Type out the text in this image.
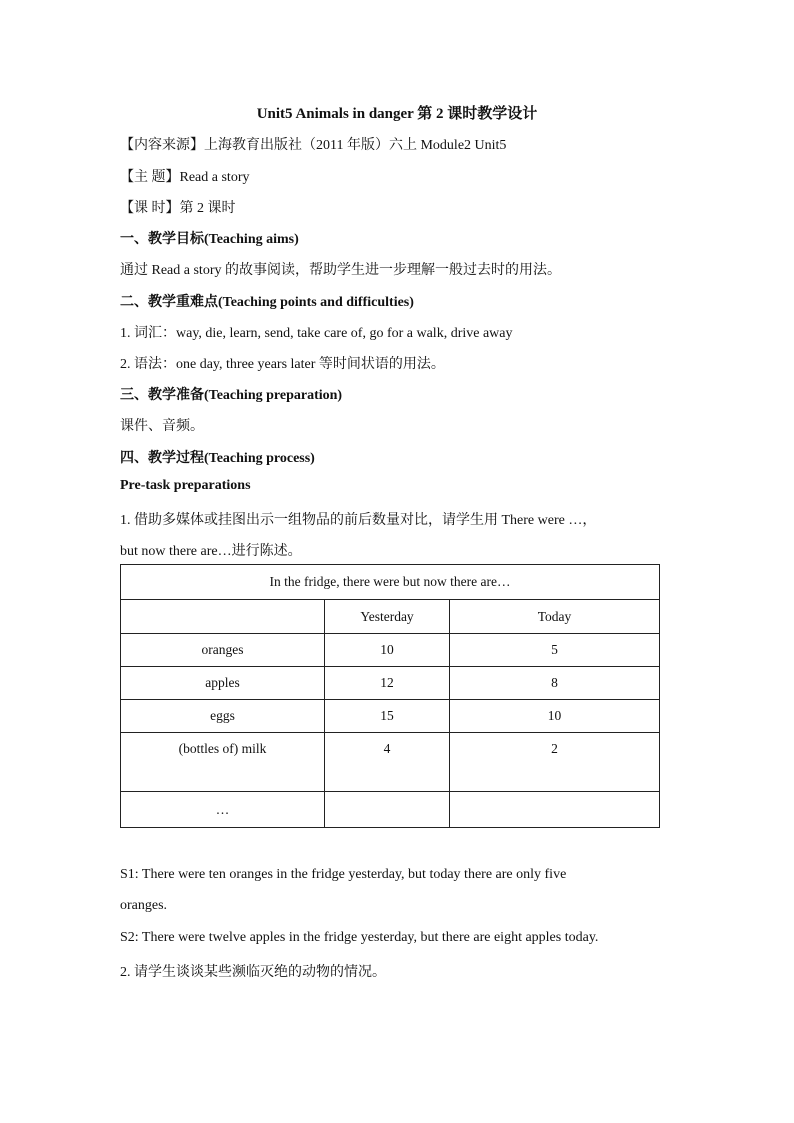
Unit5 Animals in danger 第 2 课时教学设计
【内容来源】上海教育出版社（2011 年版）六上 Module2 Unit5
【主 题】Read a story
【课 时】第 2 课时
一、教学目标(Teaching aims)
通过 Read a story 的故事阅读，帮助学生进一步理解一般过去时的用法。
二、教学重难点(Teaching points and difficulties)
1. 词汇：way, die, learn, send, take care of, go for a walk, drive away
2. 语法：one day, three years later 等时间状语的用法。
三、教学准备(Teaching preparation)
课件、音频。
四、教学过程(Teaching process)
Pre-task preparations
1. 借助多媒体或挂图出示一组物品的前后数量对比，请学生用 There were …，
but now there are…进行陈述。
In the fridge, there were but now there are…		
	Yesterday	Today
oranges	10	5
apples	12	8
eggs	15	10
(bottles of) milk	4	2
…		
S1: There were ten oranges in the fridge yesterday, but today there are only five
oranges.
S2: There were twelve apples in the fridge yesterday, but there are eight apples today.
2. 请学生谈谈某些濒临灭绝的动物的情况。
